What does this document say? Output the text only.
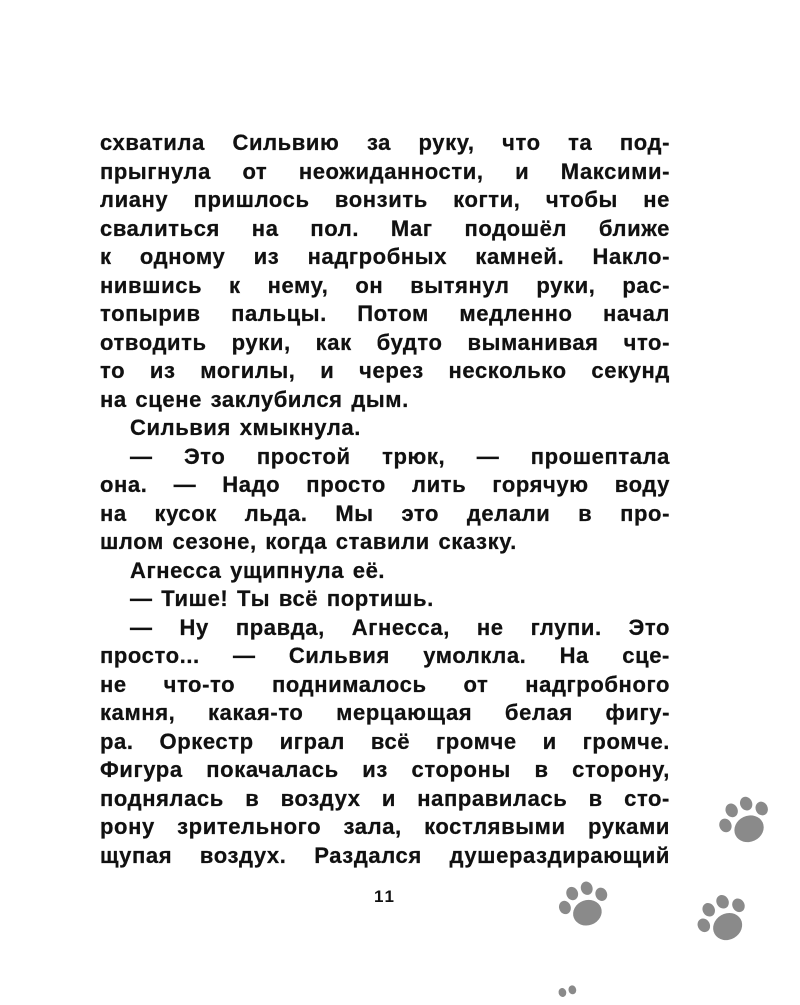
схватила Сильвию за руку, что та под-
прыгнула от неожиданности, и Максими-
лиану пришлось вонзить когти, чтобы не
свалиться на пол. Маг подошёл ближе
к одному из надгробных камней. Накло-
нившись к нему, он вытянул руки, рас-
топырив пальцы. Потом медленно начал
отводить руки, как будто выманивая что-
то из могилы, и через несколько секунд
на сцене заклубился дым.
Сильвия хмыкнула.
— Это простой трюк, — прошептала
она. — Надо просто лить горячую воду
на кусок льда. Мы это делали в про-
шлом сезоне, когда ставили сказку.
Агнесса ущипнула её.
— Тише! Ты всё портишь.
— Ну правда, Агнесса, не глупи. Это
просто... — Сильвия умолкла. На сце-
не что-то поднималось от надгробного
камня, какая-то мерцающая белая фигу-
ра. Оркестр играл всё громче и громче.
Фигура покачалась из стороны в сторону,
поднялась в воздух и направилась в сто-
рону зрительного зала, костлявыми руками
щупая воздух. Раздался душераздирающий
11
